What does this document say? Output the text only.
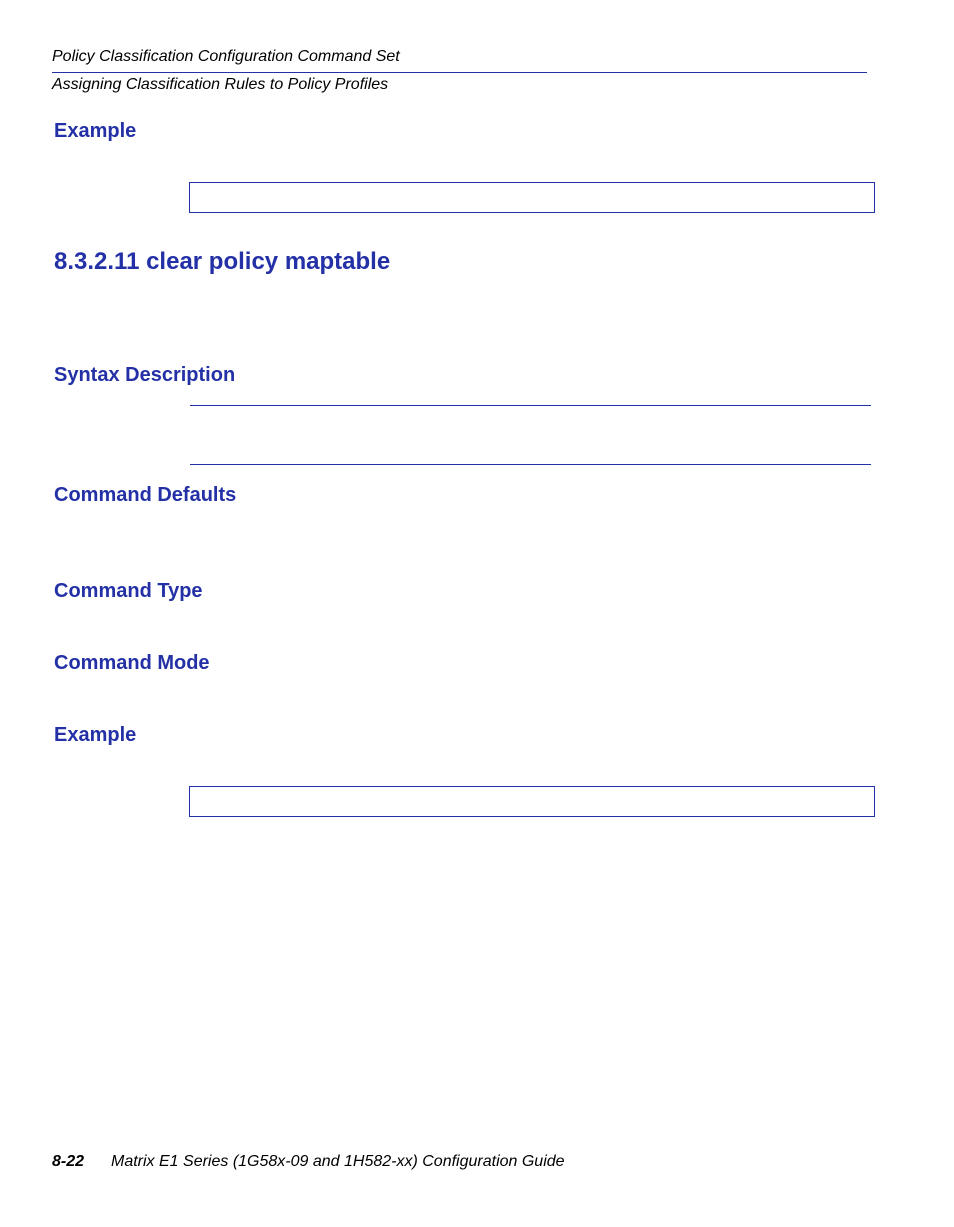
Policy Classification Configuration Command Set
Assigning Classification Rules to Policy Profiles
Example
8.3.2.11 clear policy maptable
Syntax Description
Command Defaults
Command Type
Command Mode
Example
8-22 Matrix E1 Series (1G58x-09 and 1H582-xx) Configuration Guide
